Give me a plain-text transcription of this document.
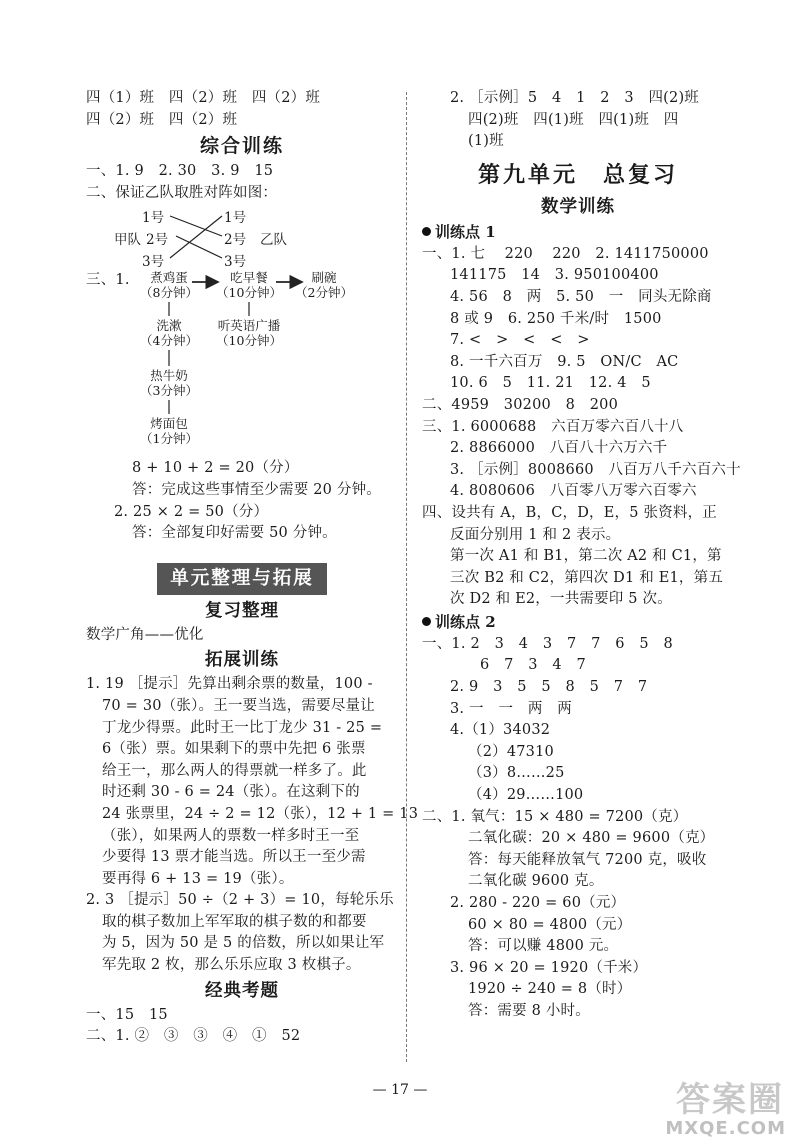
四（1）班　四（2）班　四（2）班
四（2）班　四（2）班
综合训练
一、1. 9　2. 30　3. 9　15
二、保证乙队取胜对阵如图：
1号
甲队 2号
3号
1号
2号 乙队
3号
三、1.	煮鸡蛋
（8分钟）
吃早餐
（10分钟）
刷碗
（2分钟）
洗漱
（4分钟）
听英语广播
（10分钟）
热牛奶
（3分钟）
烤面包
（1分钟）
8 + 10 + 2 = 20（分）
答：完成这些事情至少需要 20 分钟。
2. 25 × 2 = 50（分）
答：全部复印好需要 50 分钟。
单元整理与拓展
复习整理
数学广角——优化
拓展训练
1. 19 ［提示］先算出剩余票的数量，100 -
70 = 30（张）。王一要当选，需要尽量让
丁龙少得票。此时王一比丁龙少 31 - 25 =
6（张）票。如果剩下的票中先把 6 张票
给王一，那么两人的得票就一样多了。此
时还剩 30 - 6 = 24（张）。在这剩下的
24 张票里，24 ÷ 2 = 12（张），12 + 1 = 13
（张），如果两人的票数一样多时王一至
少要得 13 票才能当选。所以王一至少需
要再得 6 + 13 = 19（张）。
2. 3 ［提示］50 ÷（2 + 3）= 10，每轮乐乐
取的棋子数加上军军取的棋子数的和都要
为 5，因为 50 是 5 的倍数，所以如果让军
军先取 2 枚，那么乐乐应取 3 枚棋子。
经典考题
一、15　15
二、1. ②　③　③　④　①　52
2. ［示例］5　4　1　2　3　四(2)班
四(2)班　四(1)班　四(1)班　四
(1)班
第九单元　总复习
数学训练
训练点 1
一、1. 七　 220　 220　2. 1411750000
141175　14　3. 950100400
4. 56　8　两　5. 50　一　同头无除商
8 或 9　6. 250 千米/时　1500
7. <　>　<　<　>
8. 一千六百万　9. 5　ON/C　AC
10. 6　5　11. 21　12. 4　5
二、4959　30200　8　200
三、1. 6000688　六百万零六百八十八
2. 8866000　八百八十六万六千
3. ［示例］8008660　八百万八千六百六十
4. 8080606　八百零八万零六百零六
四、设共有 A，B，C，D，E，5 张资料，正
反面分别用 1 和 2 表示。
第一次 A1 和 B1，第二次 A2 和 C1，第
三次 B2 和 C2，第四次 D1 和 E1，第五
次 D2 和 E2，一共需要印 5 次。
训练点 2
一、1. 2　3　4　3　7　7　6　5　8
6　7　3　4　7
2. 9　3　5　5　8　5　7　7
3. 一　一　两　两
4.（1）34032
（2）47310
（3）8……25
（4）29……100
二、1. 氧气：15 × 480 = 7200（克）
二氧化碳：20 × 480 = 9600（克）
答：每天能释放氧气 7200 克，吸收
二氧化碳 9600 克。
2. 280 - 220 = 60（元）
60 × 80 = 4800（元）
答：可以赚 4800 元。
3. 96 × 20 = 1920（千米）
1920 ÷ 240 = 8（时）
答：需要 8 小时。
— 17 —	答案圈
MXQE.COM
